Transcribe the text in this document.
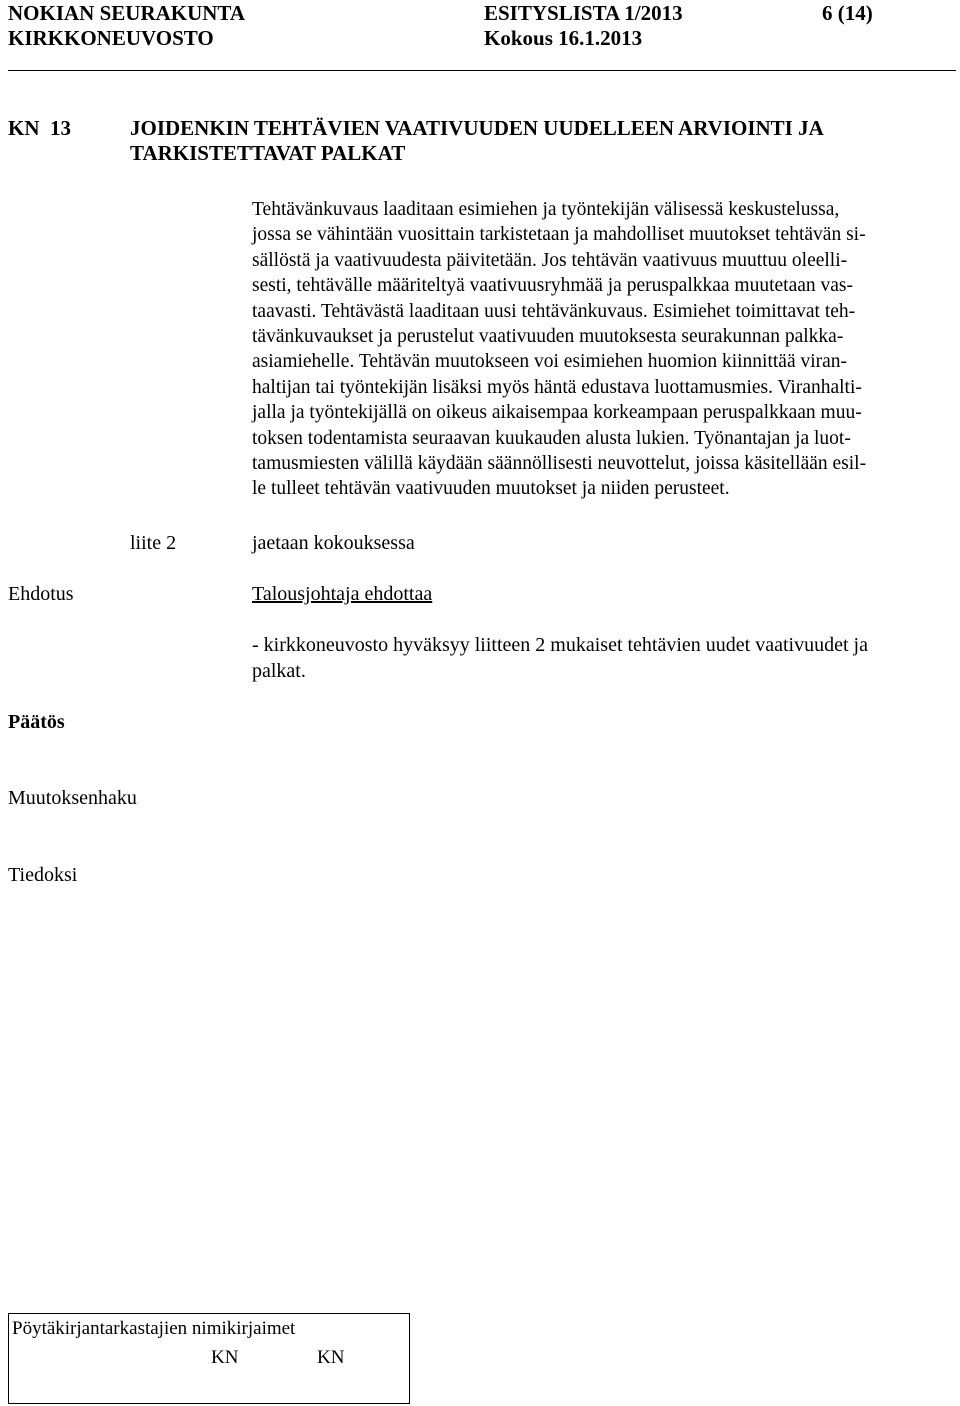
NOKIAN SEURAKUNTA	ESITYSLISTA 1/2013	6 (14)
KIRKKONEUVOSTO	Kokous 16.1.2013
KN  13	JOIDENKIN TEHTÄVIEN VAATIVUUDEN UUDELLEEN ARVIOINTI JA
TARKISTETTAVAT PALKAT
Tehtävänkuvaus laaditaan esimiehen ja työntekijän välisessä keskustelussa,
jossa se vähintään vuosittain tarkistetaan ja mahdolliset muutokset tehtävän si-
sällöstä ja vaativuudesta päivitetään. Jos tehtävän vaativuus muuttuu oleelli-
sesti, tehtävälle määriteltyä vaativuusryhmää ja peruspalkkaa muutetaan vas-
taavasti. Tehtävästä laaditaan uusi tehtävänkuvaus. Esimiehet toimittavat teh-
tävänkuvaukset ja perustelut vaativuuden muutoksesta seurakunnan palkka-
asiamiehelle. Tehtävän muutokseen voi esimiehen huomion kiinnittää viran-
haltijan tai työntekijän lisäksi myös häntä edustava luottamusmies. Viranhalti-
jalla ja työntekijällä on oikeus aikaisempaa korkeampaan peruspalkkaan muu-
toksen todentamista seuraavan kuukauden alusta lukien. Työnantajan ja luot-
tamusmiesten välillä käydään säännöllisesti neuvottelut, joissa käsitellään esil-
le tulleet tehtävän vaativuuden muutokset ja niiden perusteet.
liite 2	jaetaan kokouksessa
Ehdotus	Talousjohtaja ehdottaa
- kirkkoneuvosto hyväksyy liitteen 2 mukaiset tehtävien uudet vaativuudet ja
palkat.
Päätös
Muutoksenhaku
Tiedoksi
Pöytäkirjantarkastajien nimikirjaimet
KN	KN
